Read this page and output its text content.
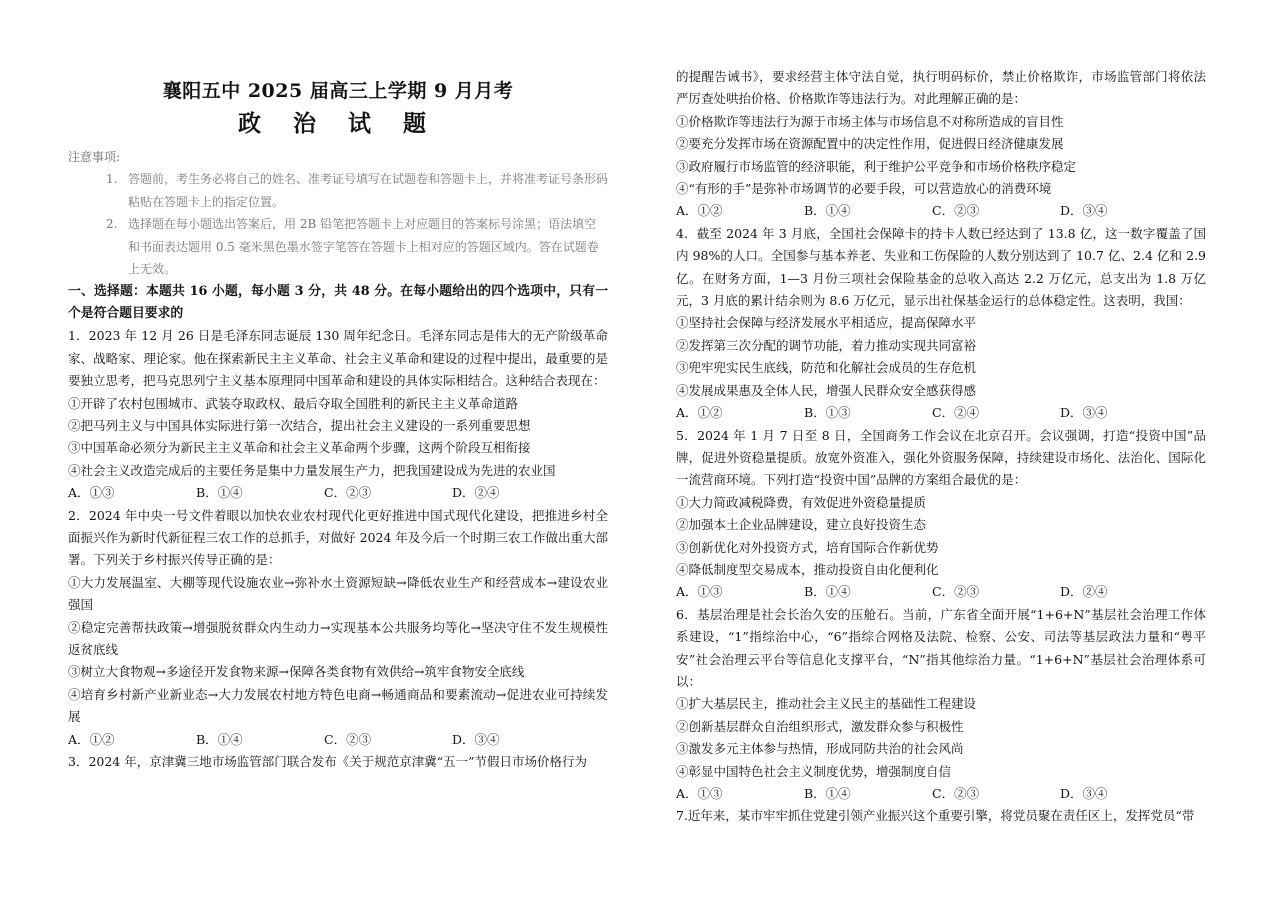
襄阳五中 2025 届高三上学期 9 月月考
政 治 试 题
注意事项:
1. 答题前，考生务必将自己的姓名、准考证号填写在试题卷和答题卡上，并将准考证号条形码粘贴在答题卡上的指定位置。
2. 选择题在每小题选出答案后，用 2B 铅笔把答题卡上对应题目的答案标号涂黑；语法填空和书面表达题用 0.5 毫米黑色墨水签字笔答在答题卡上相对应的答题区域内。答在试题卷上无效。

一、选择题：本题共 16 小题，每小题 3 分，共 48 分。在每小题给出的四个选项中，只有一个是符合题目要求的

1．2023 年 12 月 26 日是毛泽东同志诞辰 130 周年纪念日。毛泽东同志是伟大的无产阶级革命家、战略家、理论家。他在探索新民主主义革命、社会主义革命和建设的过程中提出，最重要的是要独立思考，把马克思列宁主义基本原理同中国革命和建设的具体实际相结合。这种结合表现在：

①开辟了农村包围城市、武装夺取政权、最后夺取全国胜利的新民主主义革命道路

②把马列主义与中国具体实际进行第一次结合，提出社会主义建设的一系列重要思想

③中国革命必须分为新民主主义革命和社会主义革命两个步骤，这两个阶段互相衔接

④社会主义改造完成后的主要任务是集中力量发展生产力，把我国建设成为先进的农业国

A．①③	B．①④	C．②③	D．②④

2．2024 年中央一号文件着眼以加快农业农村现代化更好推进中国式现代化建设，把推进乡村全面振兴作为新时代新征程三农工作的总抓手，对做好 2024 年及今后一个时期三农工作做出重大部署。下列关于乡村振兴传导正确的是：

①大力发展温室、大棚等现代设施农业→弥补水土资源短缺→降低农业生产和经营成本→建设农业强国

②稳定完善帮扶政策→增强脱贫群众内生动力→实现基本公共服务均等化→坚决守住不发生规模性返贫底线

③树立大食物观→多途径开发食物来源→保障各类食物有效供给→筑牢食物安全底线

④培育乡村新产业新业态→大力发展农村地方特色电商→畅通商品和要素流动→促进农业可持续发展

A．①②	B．①④	C．②③	D．③④

3．2024 年，京津冀三地市场监管部门联合发布《关于规范京津冀“五一”节假日市场价格行为

的提醒告诫书》，要求经营主体守法自觉，执行明码标价，禁止价格欺诈，市场监管部门将依法严厉查处哄抬价格、价格欺诈等违法行为。对此理解正确的是：

①价格欺诈等违法行为源于市场主体与市场信息不对称所造成的盲目性

②要充分发挥市场在资源配置中的决定性作用，促进假日经济健康发展

③政府履行市场监管的经济职能，利于维护公平竞争和市场价格秩序稳定

④“有形的手”是弥补市场调节的必要手段，可以营造放心的消费环境

A．①②	B．①④	C．②③	D．③④

4．截至 2024 年 3 月底，全国社会保障卡的持卡人数已经达到了 13.8 亿，这一数字覆盖了国内 98%的人口。全国参与基本养老、失业和工伤保险的人数分别达到了 10.7 亿、2.4 亿和 2.9 亿。在财务方面，1—3 月份三项社会保险基金的总收入高达 2.2 万亿元，总支出为 1.8 万亿元，3 月底的累计结余则为 8.6 万亿元，显示出社保基金运行的总体稳定性。这表明，我国：

①坚持社会保障与经济发展水平相适应，提高保障水平

②发挥第三次分配的调节功能，着力推动实现共同富裕

③兜牢兜实民生底线，防范和化解社会成员的生存危机

④发展成果惠及全体人民，增强人民群众安全感获得感

A．①②	B．①③	C．②④	D．③④

5．2024 年 1 月 7 日至 8 日，全国商务工作会议在北京召开。会议强调，打造“投资中国”品牌，促进外资稳量提质。放宽外资准入，强化外资服务保障，持续建设市场化、法治化、国际化一流营商环境。下列打造“投资中国”品牌的方案组合最优的是：

①大力简政减税降费，有效促进外资稳量提质

②加强本土企业品牌建设，建立良好投资生态

③创新优化对外投资方式，培育国际合作新优势

④降低制度型交易成本，推动投资自由化便利化

A．①③	B．①④	C．②③	D．②④

6．基层治理是社会长治久安的压舱石。当前，广东省全面开展“1+6+N”基层社会治理工作体系建设，“1”指综治中心，“6”指综合网格及法院、检察、公安、司法等基层政法力量和“粤平安”社会治理云平台等信息化支撑平台，“N”指其他综治力量。“1+6+N”基层社会治理体系可以：

①扩大基层民主，推动社会主义民主的基础性工程建设

②创新基层群众自治组织形式，激发群众参与积极性

③激发多元主体参与热情，形成同防共治的社会风尚

④彰显中国特色社会主义制度优势，增强制度自信

A．①③	B．①④	C．②③	D．③④

7.近年来，某市牢牢抓住党建引领产业振兴这个重要引擎，将党员聚在责任区上，发挥党员“带
